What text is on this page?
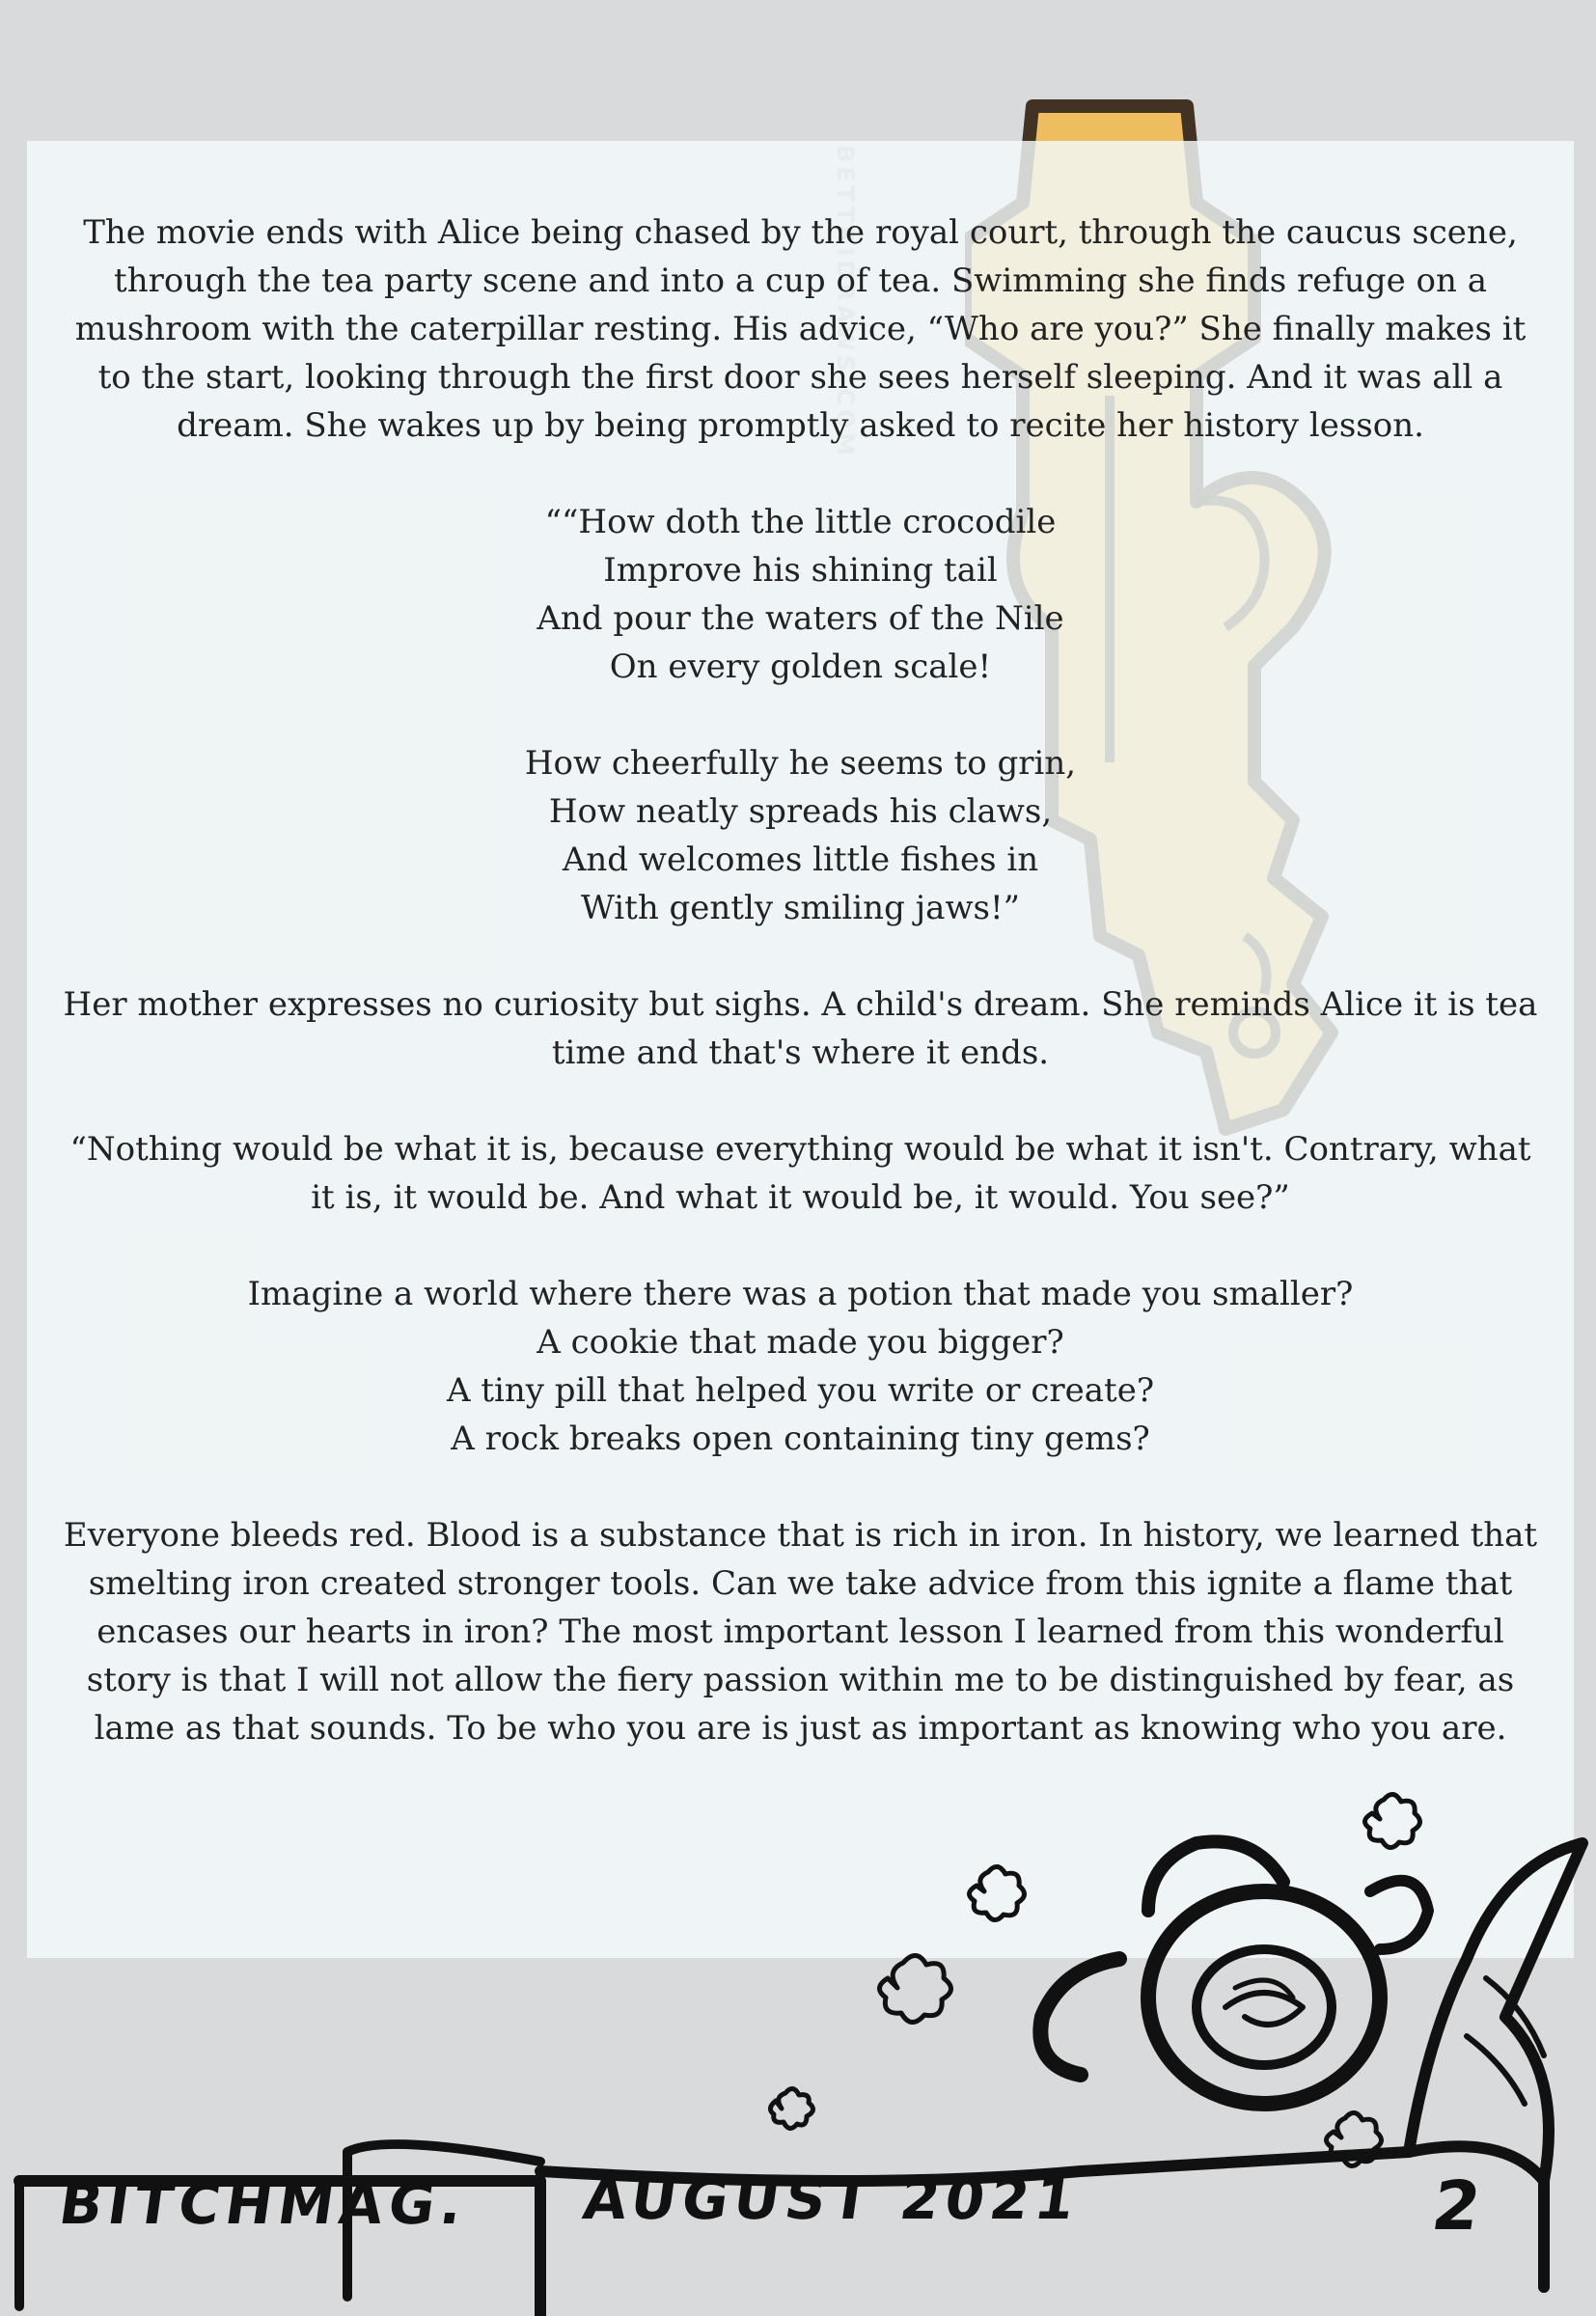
The movie ends with Alice being chased by the royal court, through the caucus scene, through the tea party scene and into a cup of tea. Swimming she finds refuge on a mushroom with the caterpillar resting. His advice, “Who are you?” She finally makes it to the start, looking through the first door she sees herself sleeping. And it was all a dream. She wakes up by being promptly asked to recite her history lesson.

““How doth the little crocodile

Improve his shining tail

And pour the waters of the Nile

On every golden scale!

How cheerfully he seems to grin,

How neatly spreads his claws,

And welcomes little fishes in

With gently smiling jaws!”

Her mother expresses no curiosity but sighs. A child's dream. She reminds Alice it is tea time and that's where it ends.

“Nothing would be what it is, because everything would be what it isn't. Contrary, what it is, it would be. And what it would be, it would. You see?”

Imagine a world where there was a potion that made you smaller?

A cookie that made you bigger?

A tiny pill that helped you write or create?

A rock breaks open containing tiny gems?

Everyone bleeds red. Blood is a substance that is rich in iron. In history, we learned that smelting iron created stronger tools. Can we take advice from this ignite a flame that encases our hearts in iron? The most important lesson I learned from this wonderful story is that I will not allow the fiery passion within me to be distinguished by fear, as lame as that sounds. To be who you are is just as important as knowing who you are.

BITCHMAG. AUGUST 2021	2
